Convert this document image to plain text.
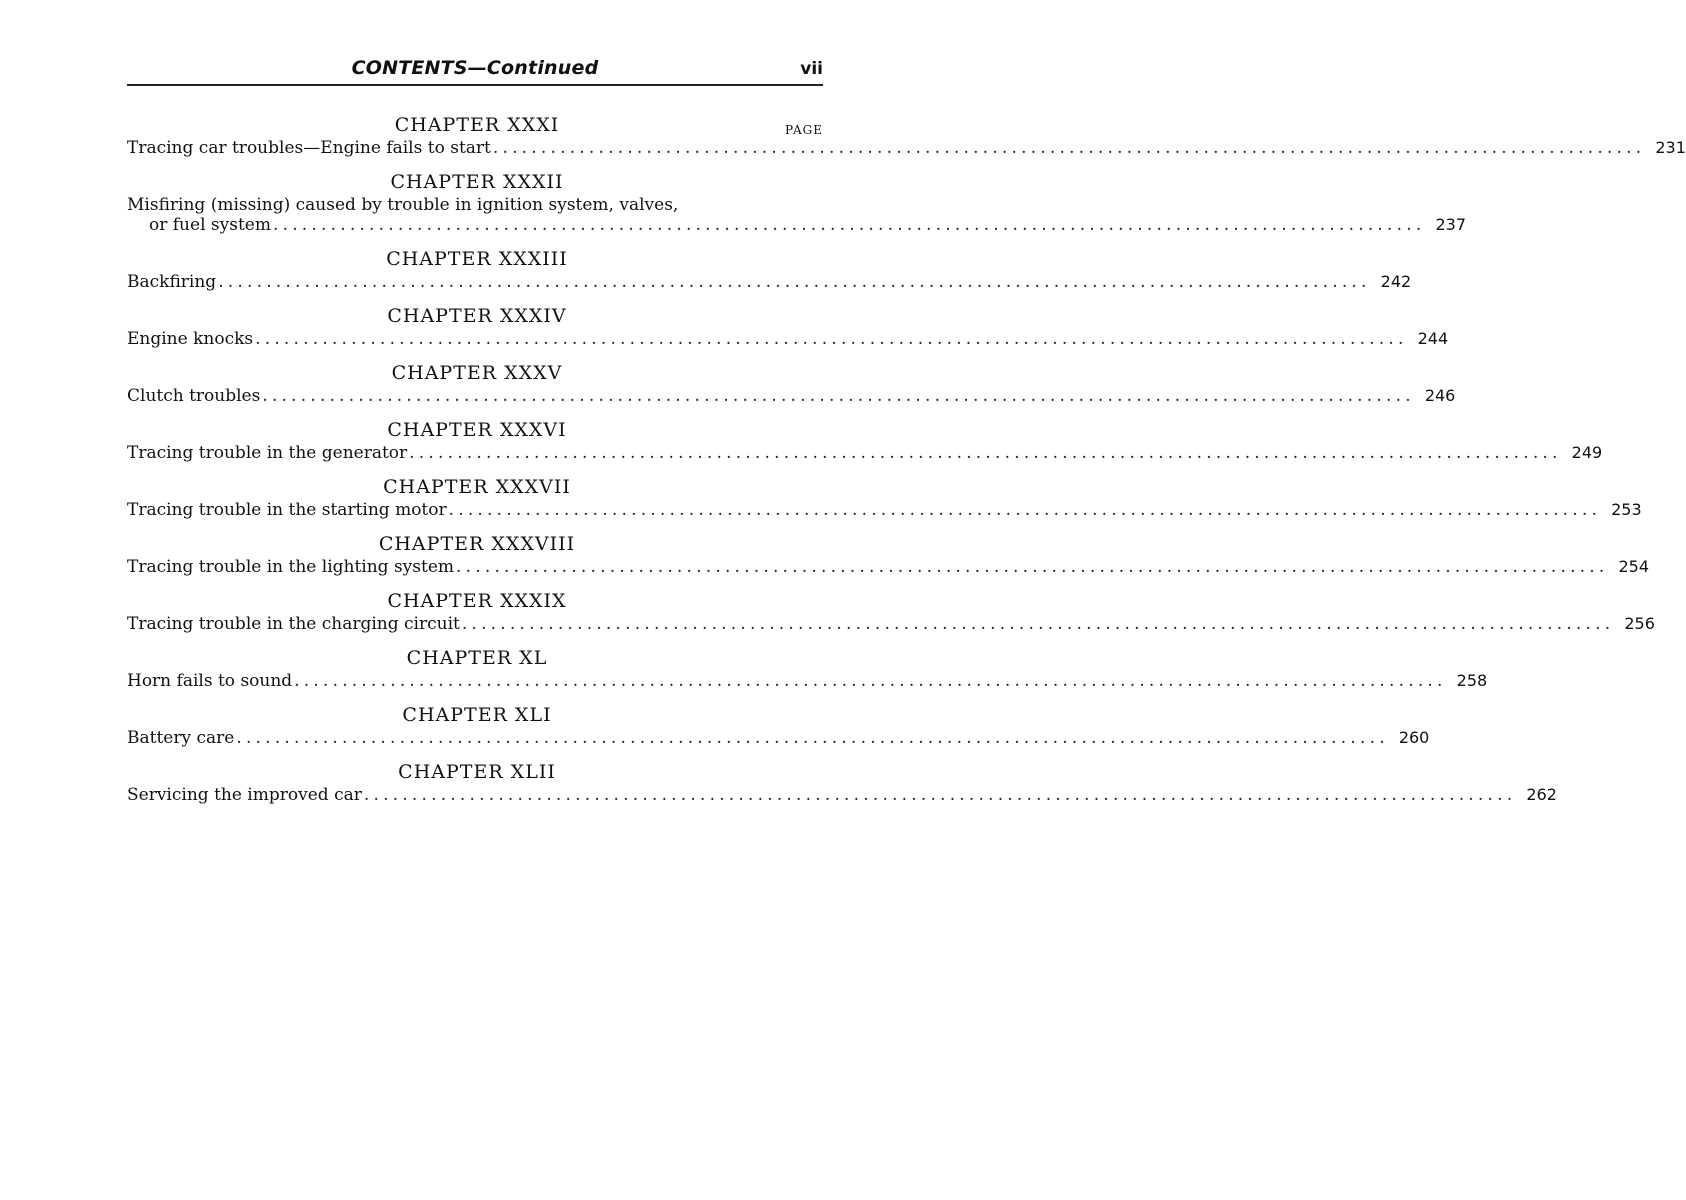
CONTENTS—Continued	vii
CHAPTER XXXI	PAGE
Tracing car troubles—Engine fails to start ........................................................................................................................ 231
CHAPTER XXXII
Misfiring (missing) caused by trouble in ignition system, valves,
or fuel system ........................................................................................................................ 237
CHAPTER XXXIII
Backfiring ........................................................................................................................ 242
CHAPTER XXXIV
Engine knocks ........................................................................................................................ 244
CHAPTER XXXV
Clutch troubles ........................................................................................................................ 246
CHAPTER XXXVI
Tracing trouble in the generator ........................................................................................................................ 249
CHAPTER XXXVII
Tracing trouble in the starting motor ........................................................................................................................ 253
CHAPTER XXXVIII
Tracing trouble in the lighting system ........................................................................................................................ 254
CHAPTER XXXIX
Tracing trouble in the charging circuit ........................................................................................................................ 256
CHAPTER XL
Horn fails to sound ........................................................................................................................ 258
CHAPTER XLI
Battery care ........................................................................................................................ 260
CHAPTER XLII
Servicing the improved car ........................................................................................................................ 262
